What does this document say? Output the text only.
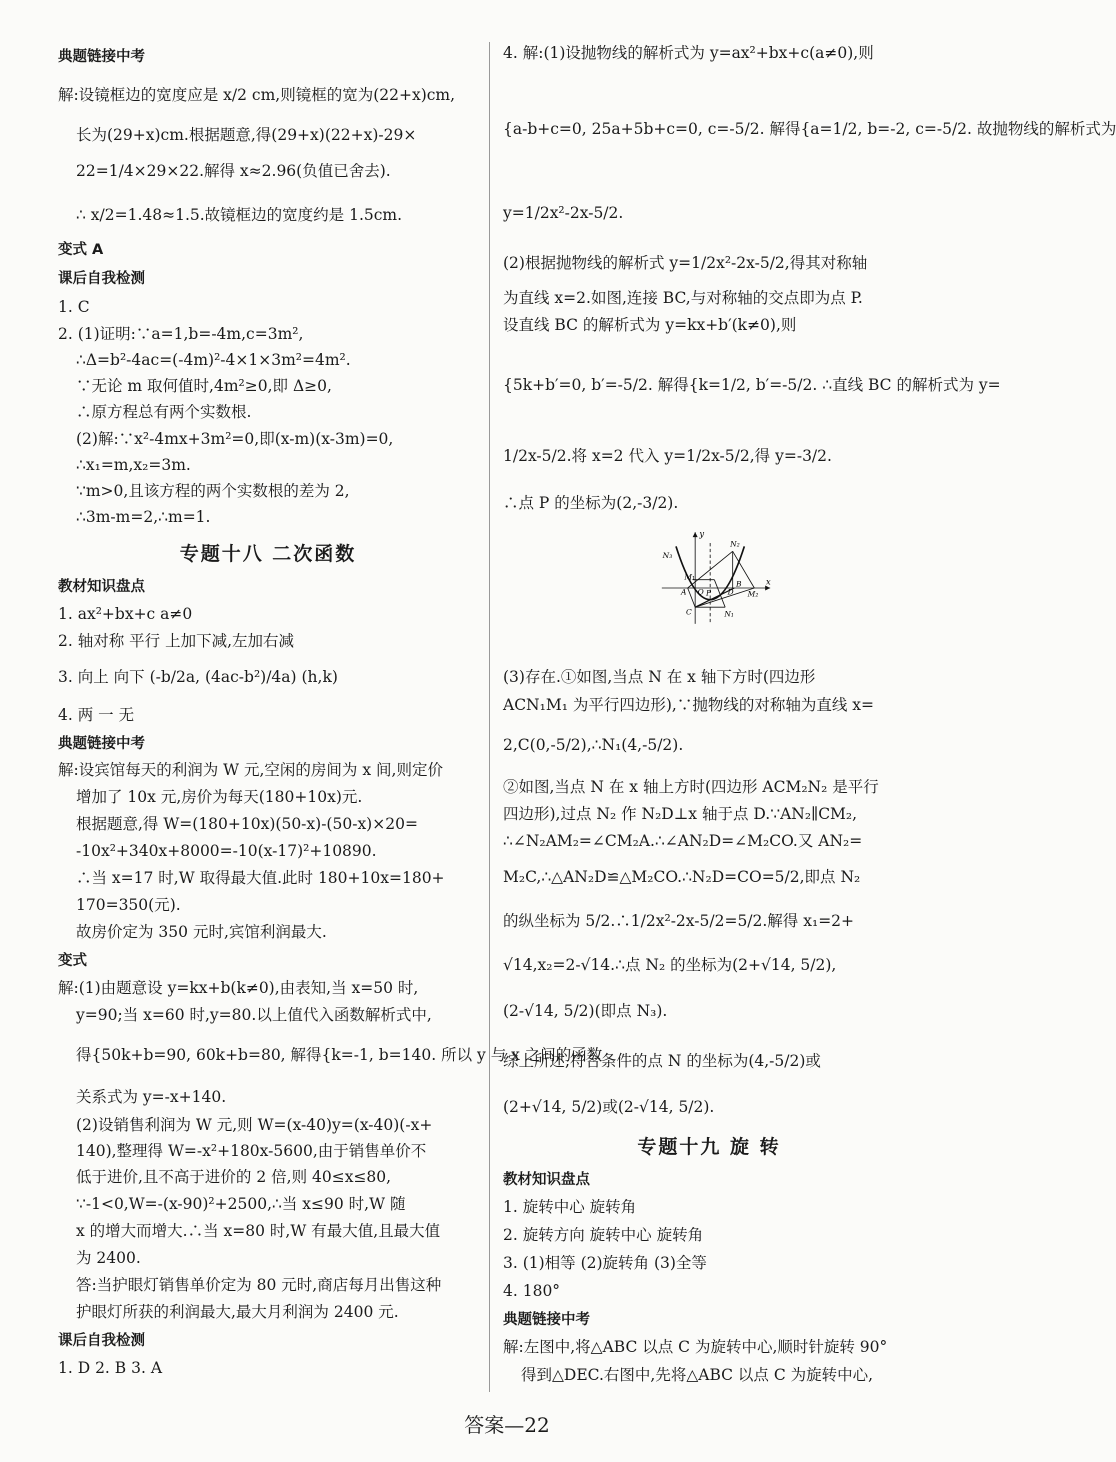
典题链接中考
解:设镜框边的宽度应是 x/2 cm,则镜框的宽为(22+x)cm,
长为(29+x)cm.根据题意,得(29+x)(22+x)-29×
22=1/4×29×22.解得 x≈2.96(负值已舍去).
∴ x/2=1.48≈1.5.故镜框边的宽度约是 1.5cm.
变式 A
课后自我检测
1. C
2. (1)证明:∵a=1,b=-4m,c=3m²,
∴Δ=b²-4ac=(-4m)²-4×1×3m²=4m².
∵无论 m 取何值时,4m²≥0,即 Δ≥0,
∴原方程总有两个实数根.
(2)解:∵x²-4mx+3m²=0,即(x-m)(x-3m)=0,
∴x₁=m,x₂=3m.
∵m>0,且该方程的两个实数根的差为 2,
∴3m-m=2,∴m=1.
专题十八 二次函数
教材知识盘点
1. ax²+bx+c a≠0
2. 轴对称 平行 上加下减,左加右减
3. 向上 向下 (-b/2a, (4ac-b²)/4a) (h,k)
4. 两 一 无
典题链接中考
解:设宾馆每天的利润为 W 元,空闲的房间为 x 间,则定价
增加了 10x 元,房价为每天(180+10x)元.
根据题意,得 W=(180+10x)(50-x)-(50-x)×20=
-10x²+340x+8000=-10(x-17)²+10890.
∴当 x=17 时,W 取得最大值.此时 180+10x=180+
170=350(元).
故房价定为 350 元时,宾馆利润最大.
变式
解:(1)由题意设 y=kx+b(k≠0),由表知,当 x=50 时,
y=90;当 x=60 时,y=80.以上值代入函数解析式中,
得{50k+b=90, 60k+b=80, 解得{k=-1, b=140. 所以 y 与 x 之间的函数
关系式为 y=-x+140.
(2)设销售利润为 W 元,则 W=(x-40)y=(x-40)(-x+
140),整理得 W=-x²+180x-5600,由于销售单价不
低于进价,且不高于进价的 2 倍,则 40≤x≤80,
∵-1<0,W=-(x-90)²+2500,∴当 x≤90 时,W 随
x 的增大而增大.∴当 x=80 时,W 有最大值,且最大值
为 2400.
答:当护眼灯销售单价定为 80 元时,商店每月出售这种
护眼灯所获的利润最大,最大月利润为 2400 元.
课后自我检测
1. D 2. B 3. A
y
x
N₃
N₂
M₁
A O P D
B
M₂
C	N₁
4. 解:(1)设抛物线的解析式为 y=ax²+bx+c(a≠0),则
{a-b+c=0, 25a+5b+c=0, c=-5/2. 解得{a=1/2, b=-2, c=-5/2. 故抛物线的解析式为
y=1/2x²-2x-5/2.
(2)根据抛物线的解析式 y=1/2x²-2x-5/2,得其对称轴
为直线 x=2.如图,连接 BC,与对称轴的交点即为点 P.
设直线 BC 的解析式为 y=kx+b′(k≠0),则
{5k+b′=0, b′=-5/2. 解得{k=1/2, b′=-5/2. ∴直线 BC 的解析式为 y=
1/2x-5/2.将 x=2 代入 y=1/2x-5/2,得 y=-3/2.
∴点 P 的坐标为(2,-3/2).
(3)存在.①如图,当点 N 在 x 轴下方时(四边形
ACN₁M₁ 为平行四边形),∵抛物线的对称轴为直线 x=
2,C(0,-5/2),∴N₁(4,-5/2).
②如图,当点 N 在 x 轴上方时(四边形 ACM₂N₂ 是平行
四边形),过点 N₂ 作 N₂D⊥x 轴于点 D.∵AN₂∥CM₂,
∴∠N₂AM₂=∠CM₂A.∴∠AN₂D=∠M₂CO.又 AN₂=
M₂C,∴△AN₂D≌△M₂CO.∴N₂D=CO=5/2,即点 N₂
的纵坐标为 5/2.∴1/2x²-2x-5/2=5/2.解得 x₁=2+
√14,x₂=2-√14.∴点 N₂ 的坐标为(2+√14, 5/2),
(2-√14, 5/2)(即点 N₃).
综上所述,符合条件的点 N 的坐标为(4,-5/2)或
(2+√14, 5/2)或(2-√14, 5/2).
专题十九 旋 转
教材知识盘点
1. 旋转中心 旋转角
2. 旋转方向 旋转中心 旋转角
3. (1)相等 (2)旋转角 (3)全等
4. 180°
典题链接中考
解:左图中,将△ABC 以点 C 为旋转中心,顺时针旋转 90°
得到△DEC.右图中,先将△ABC 以点 C 为旋转中心,
答案—22
